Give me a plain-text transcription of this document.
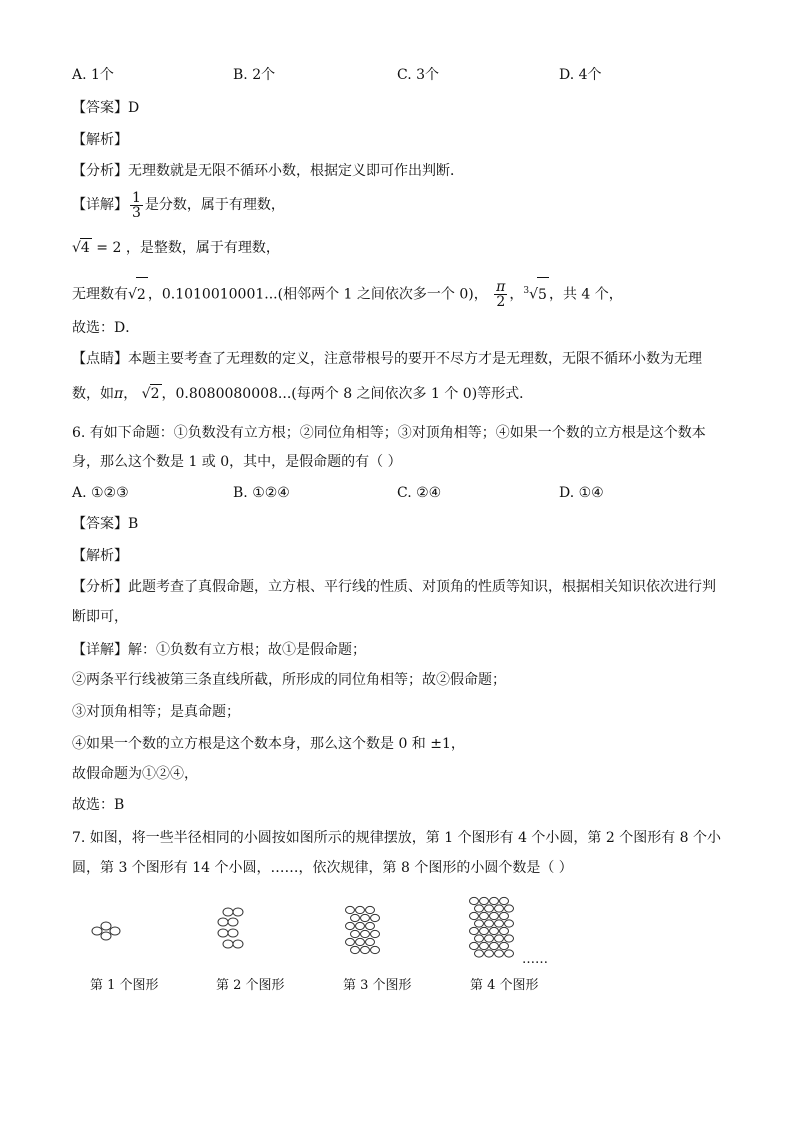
A. 1个	B. 2个	C. 3个	D. 4个
【答案】D
【解析】
【分析】无理数就是无限不循环小数，根据定义即可作出判断．
【详解】 $\frac{1}{3}$ 是分数，属于有理数，
√4 = 2 ，是整数，属于有理数，
无理数有√2 ，0.1010010001...(相邻两个 1 之间依次多一个 0)， $\frac{\pi}{2}$ ，$^3$√5 ，共 4 个，
故选：D．
【点睛】本题主要考查了无理数的定义，注意带根号的要开不尽方才是无理数，无限不循环小数为无理
数，如π， √2 ，0.8080080008...(每两个 8 之间依次多 1 个 0)等形式．
6. 有如下命题：①负数没有立方根；②同位角相等；③对顶角相等；④如果一个数的立方根是这个数本
身，那么这个数是 1 或 0，其中，是假命题的有（ ）
A. ①②③	B. ①②④	C. ②④	D. ①④
【答案】B
【解析】
【分析】此题考查了真假命题，立方根、平行线的性质、对顶角的性质等知识，根据相关知识依次进行判
断即可，
【详解】解：①负数有立方根；故①是假命题；
②两条平行线被第三条直线所截，所形成的同位角相等；故②假命题；
③对顶角相等；是真命题；
④如果一个数的立方根是这个数本身，那么这个数是 0 和 ±1，
故假命题为①②④，
故选：B
7. 如图，将一些半径相同的小圆按如图所示的规律摆放，第 1 个图形有 4 个小圆，第 2 个图形有 8 个小
圆，第 3 个图形有 14 个小圆，……，依次规律，第 8 个图形的小圆个数是（ ）
第 1 个图形	第 2 个图形	第 3 个图形	第 4 个图形
……
